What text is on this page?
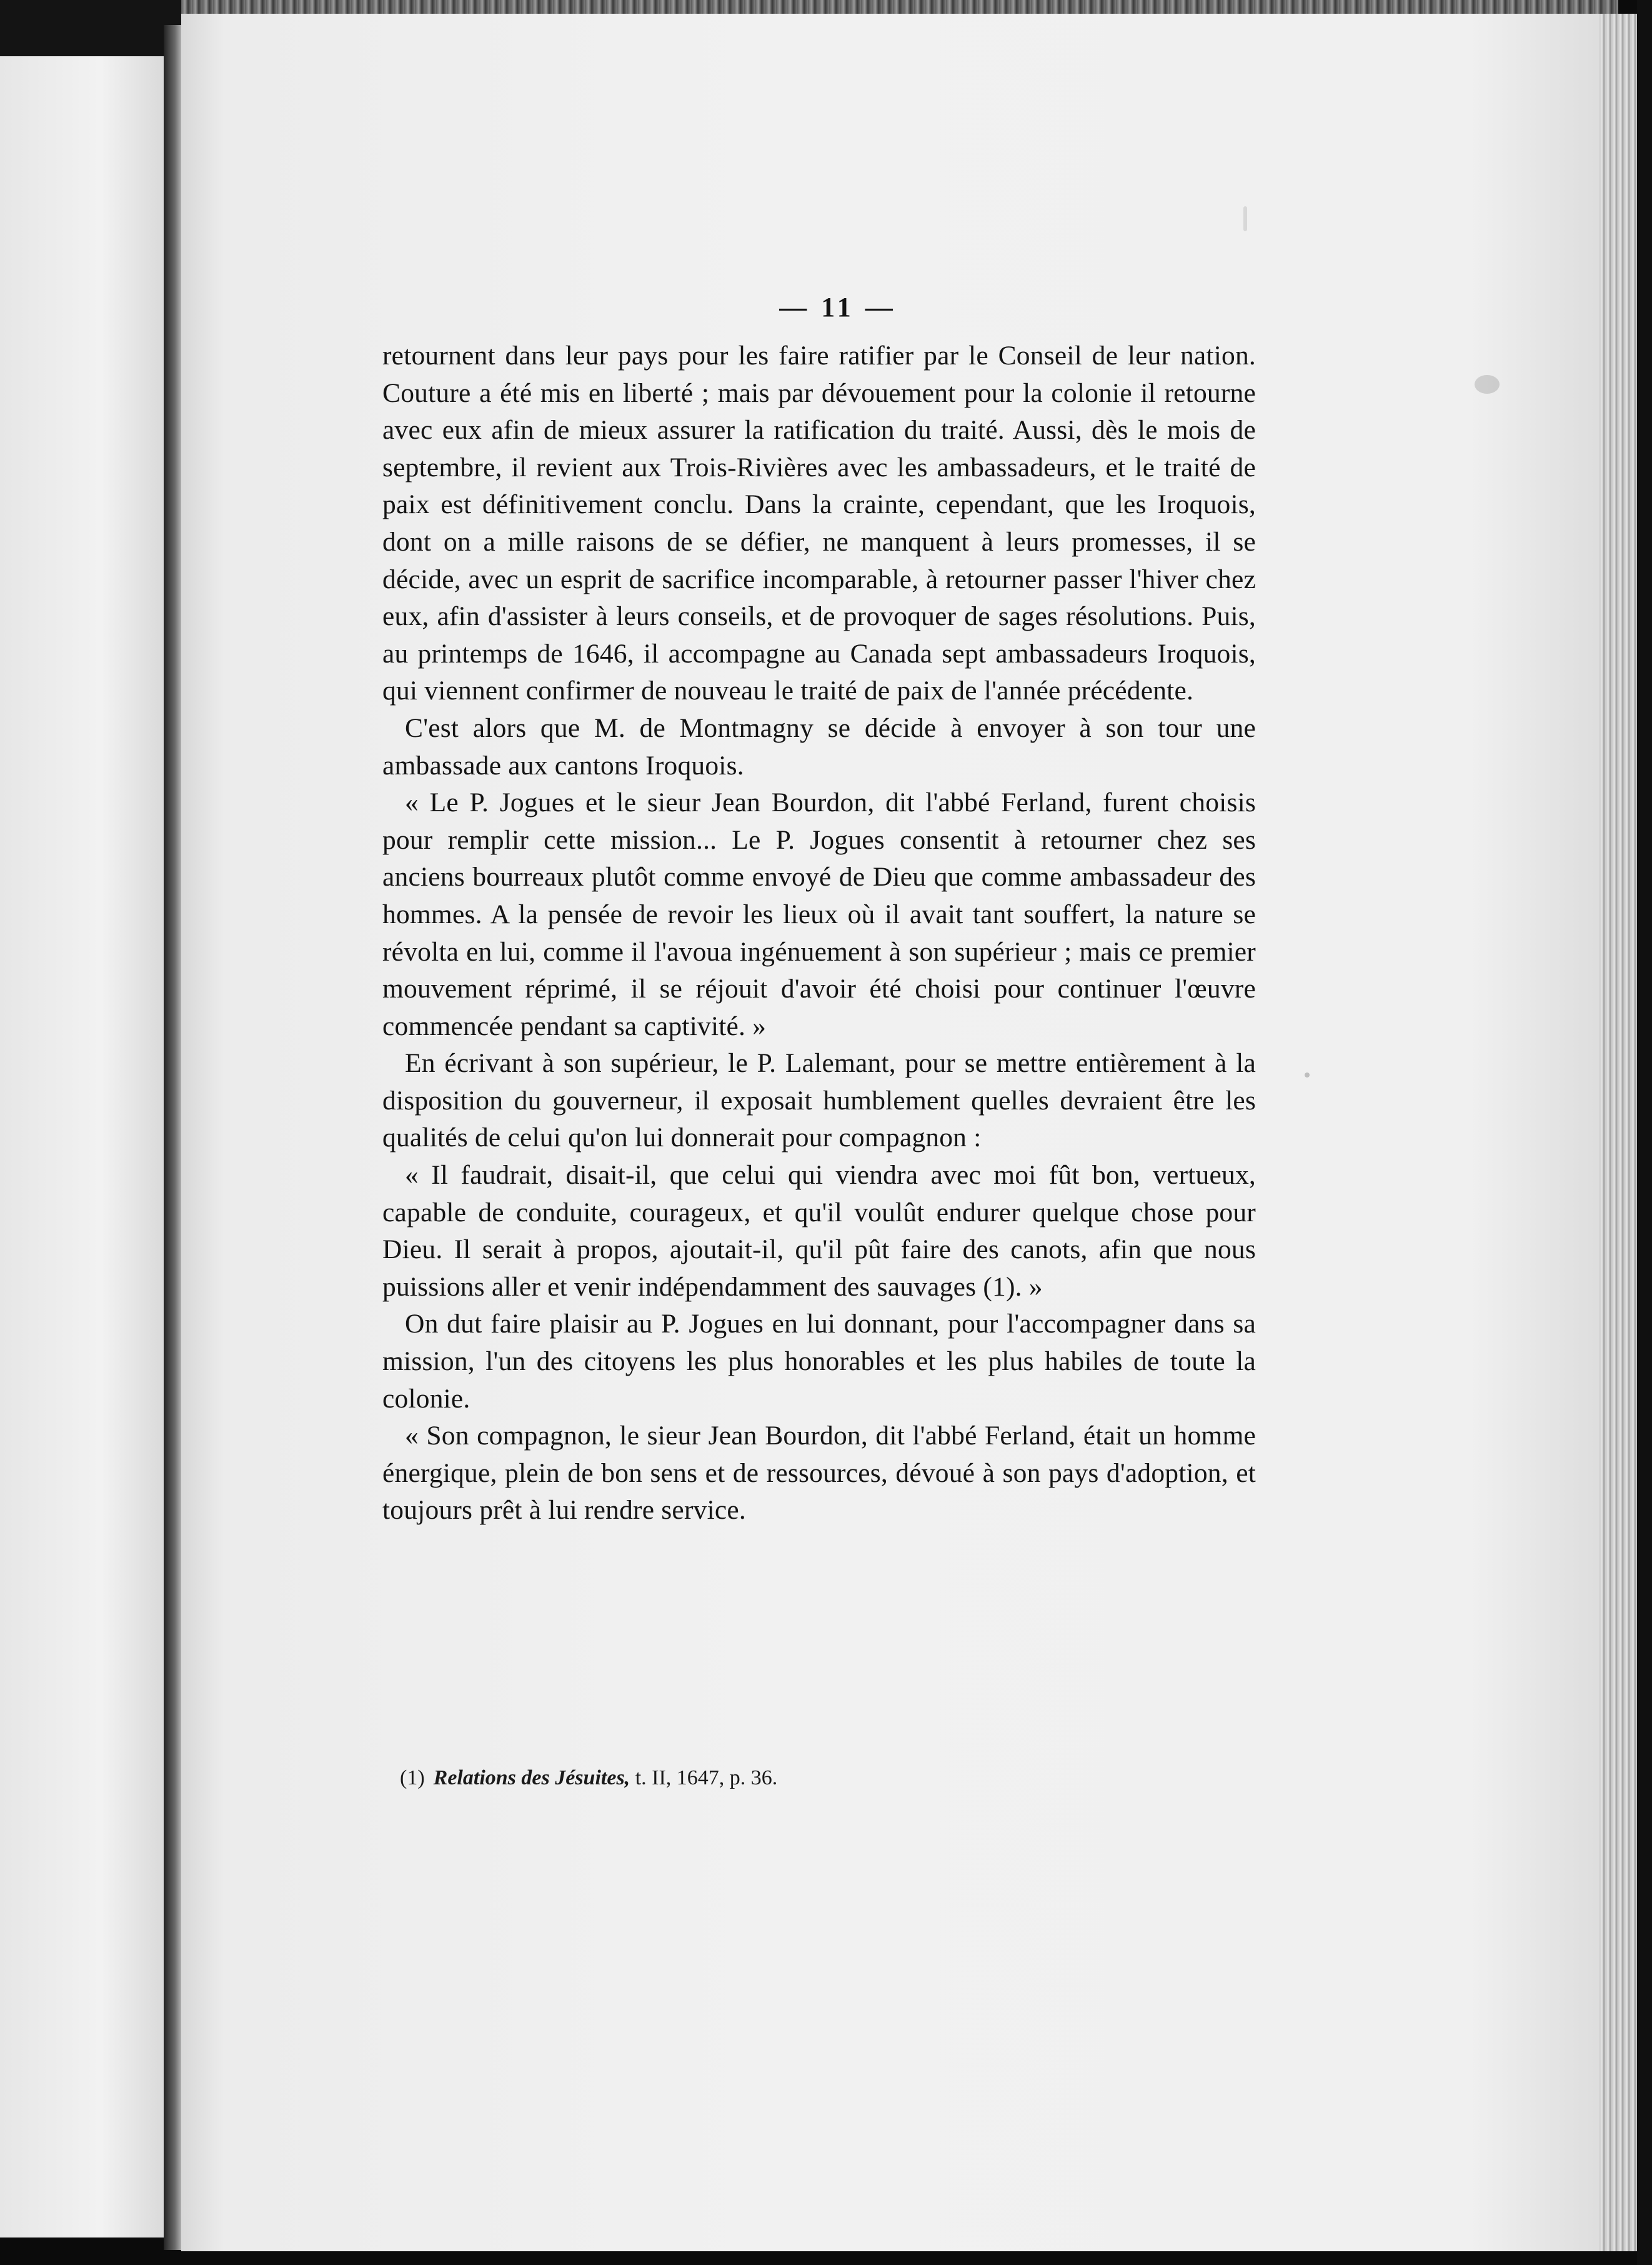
— 11 —

retournent dans leur pays pour les faire ratifier par le Conseil de leur nation. Couture a été mis en liberté ; mais par dévouement pour la colonie il retourne avec eux afin de mieux assurer la ratification du traité. Aussi, dès le mois de septembre, il revient aux Trois-Rivières avec les ambassadeurs, et le traité de paix est définitivement conclu. Dans la crainte, cependant, que les Iroquois, dont on a mille raisons de se défier, ne manquent à leurs promesses, il se décide, avec un esprit de sacrifice incomparable, à retourner passer l'hiver chez eux, afin d'assister à leurs conseils, et de provoquer de sages résolutions. Puis, au printemps de 1646, il accompagne au Canada sept ambassadeurs Iroquois, qui viennent confirmer de nouveau le traité de paix de l'année précédente.

C'est alors que M. de Montmagny se décide à envoyer à son tour une ambassade aux cantons Iroquois.

« Le P. Jogues et le sieur Jean Bourdon, dit l'abbé Ferland, furent choisis pour remplir cette mission... Le P. Jogues consentit à retourner chez ses anciens bourreaux plutôt comme envoyé de Dieu que comme ambassadeur des hommes. A la pensée de revoir les lieux où il avait tant souffert, la nature se révolta en lui, comme il l'avoua ingénuement à son supérieur ; mais ce premier mouvement réprimé, il se réjouit d'avoir été choisi pour continuer l'œuvre commencée pendant sa captivité. »

En écrivant à son supérieur, le P. Lalemant, pour se mettre entièrement à la disposition du gouverneur, il exposait humblement quelles devraient être les qualités de celui qu'on lui donnerait pour compagnon :

« Il faudrait, disait-il, que celui qui viendra avec moi fût bon, vertueux, capable de conduite, courageux, et qu'il voulût endurer quelque chose pour Dieu. Il serait à propos, ajoutait-il, qu'il pût faire des canots, afin que nous puissions aller et venir indépendamment des sauvages (1). »

On dut faire plaisir au P. Jogues en lui donnant, pour l'accompagner dans sa mission, l'un des citoyens les plus honorables et les plus habiles de toute la colonie.

« Son compagnon, le sieur Jean Bourdon, dit l'abbé Ferland, était un homme énergique, plein de bon sens et de ressources, dévoué à son pays d'adoption, et toujours prêt à lui rendre service.

(1) Relations des Jésuites, t. II, 1647, p. 36.
